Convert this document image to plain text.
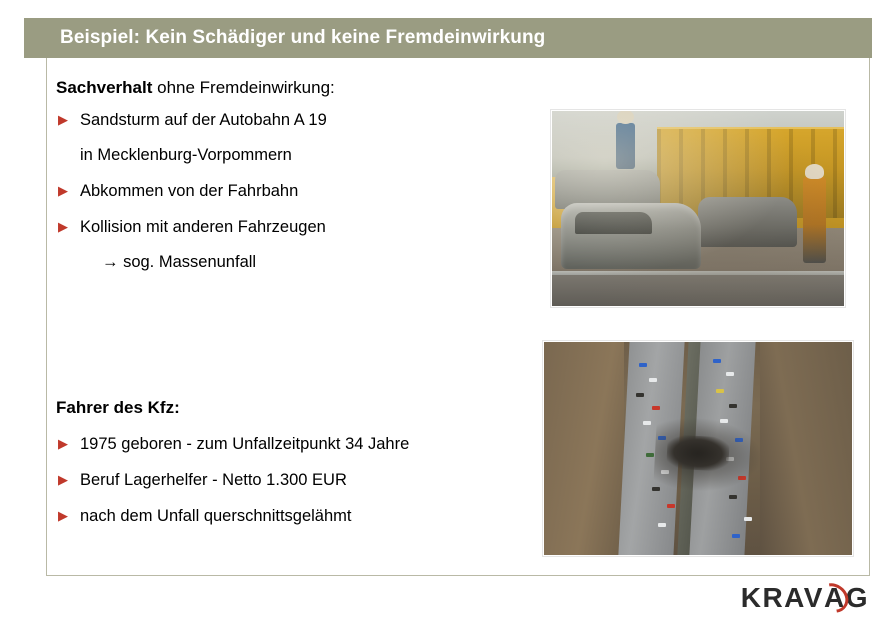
Beispiel: Kein Schädiger und keine Fremdeinwirkung

Sachverhalt ohne Fremdeinwirkung:

▶ Sandsturm auf der Autobahn A 19
in Mecklenburg-Vorpommern
▶ Abkommen von der Fahrbahn
▶ Kollision mit anderen Fahrzeugen
→ sog. Massenunfall

Fahrer des Kfz:

▶ 1975 geboren - zum Unfallzeitpunkt 34 Jahre
▶ Beruf Lagerhelfer - Netto 1.300 EUR
▶ nach dem Unfall querschnittsgelähmt
KRAV A G
